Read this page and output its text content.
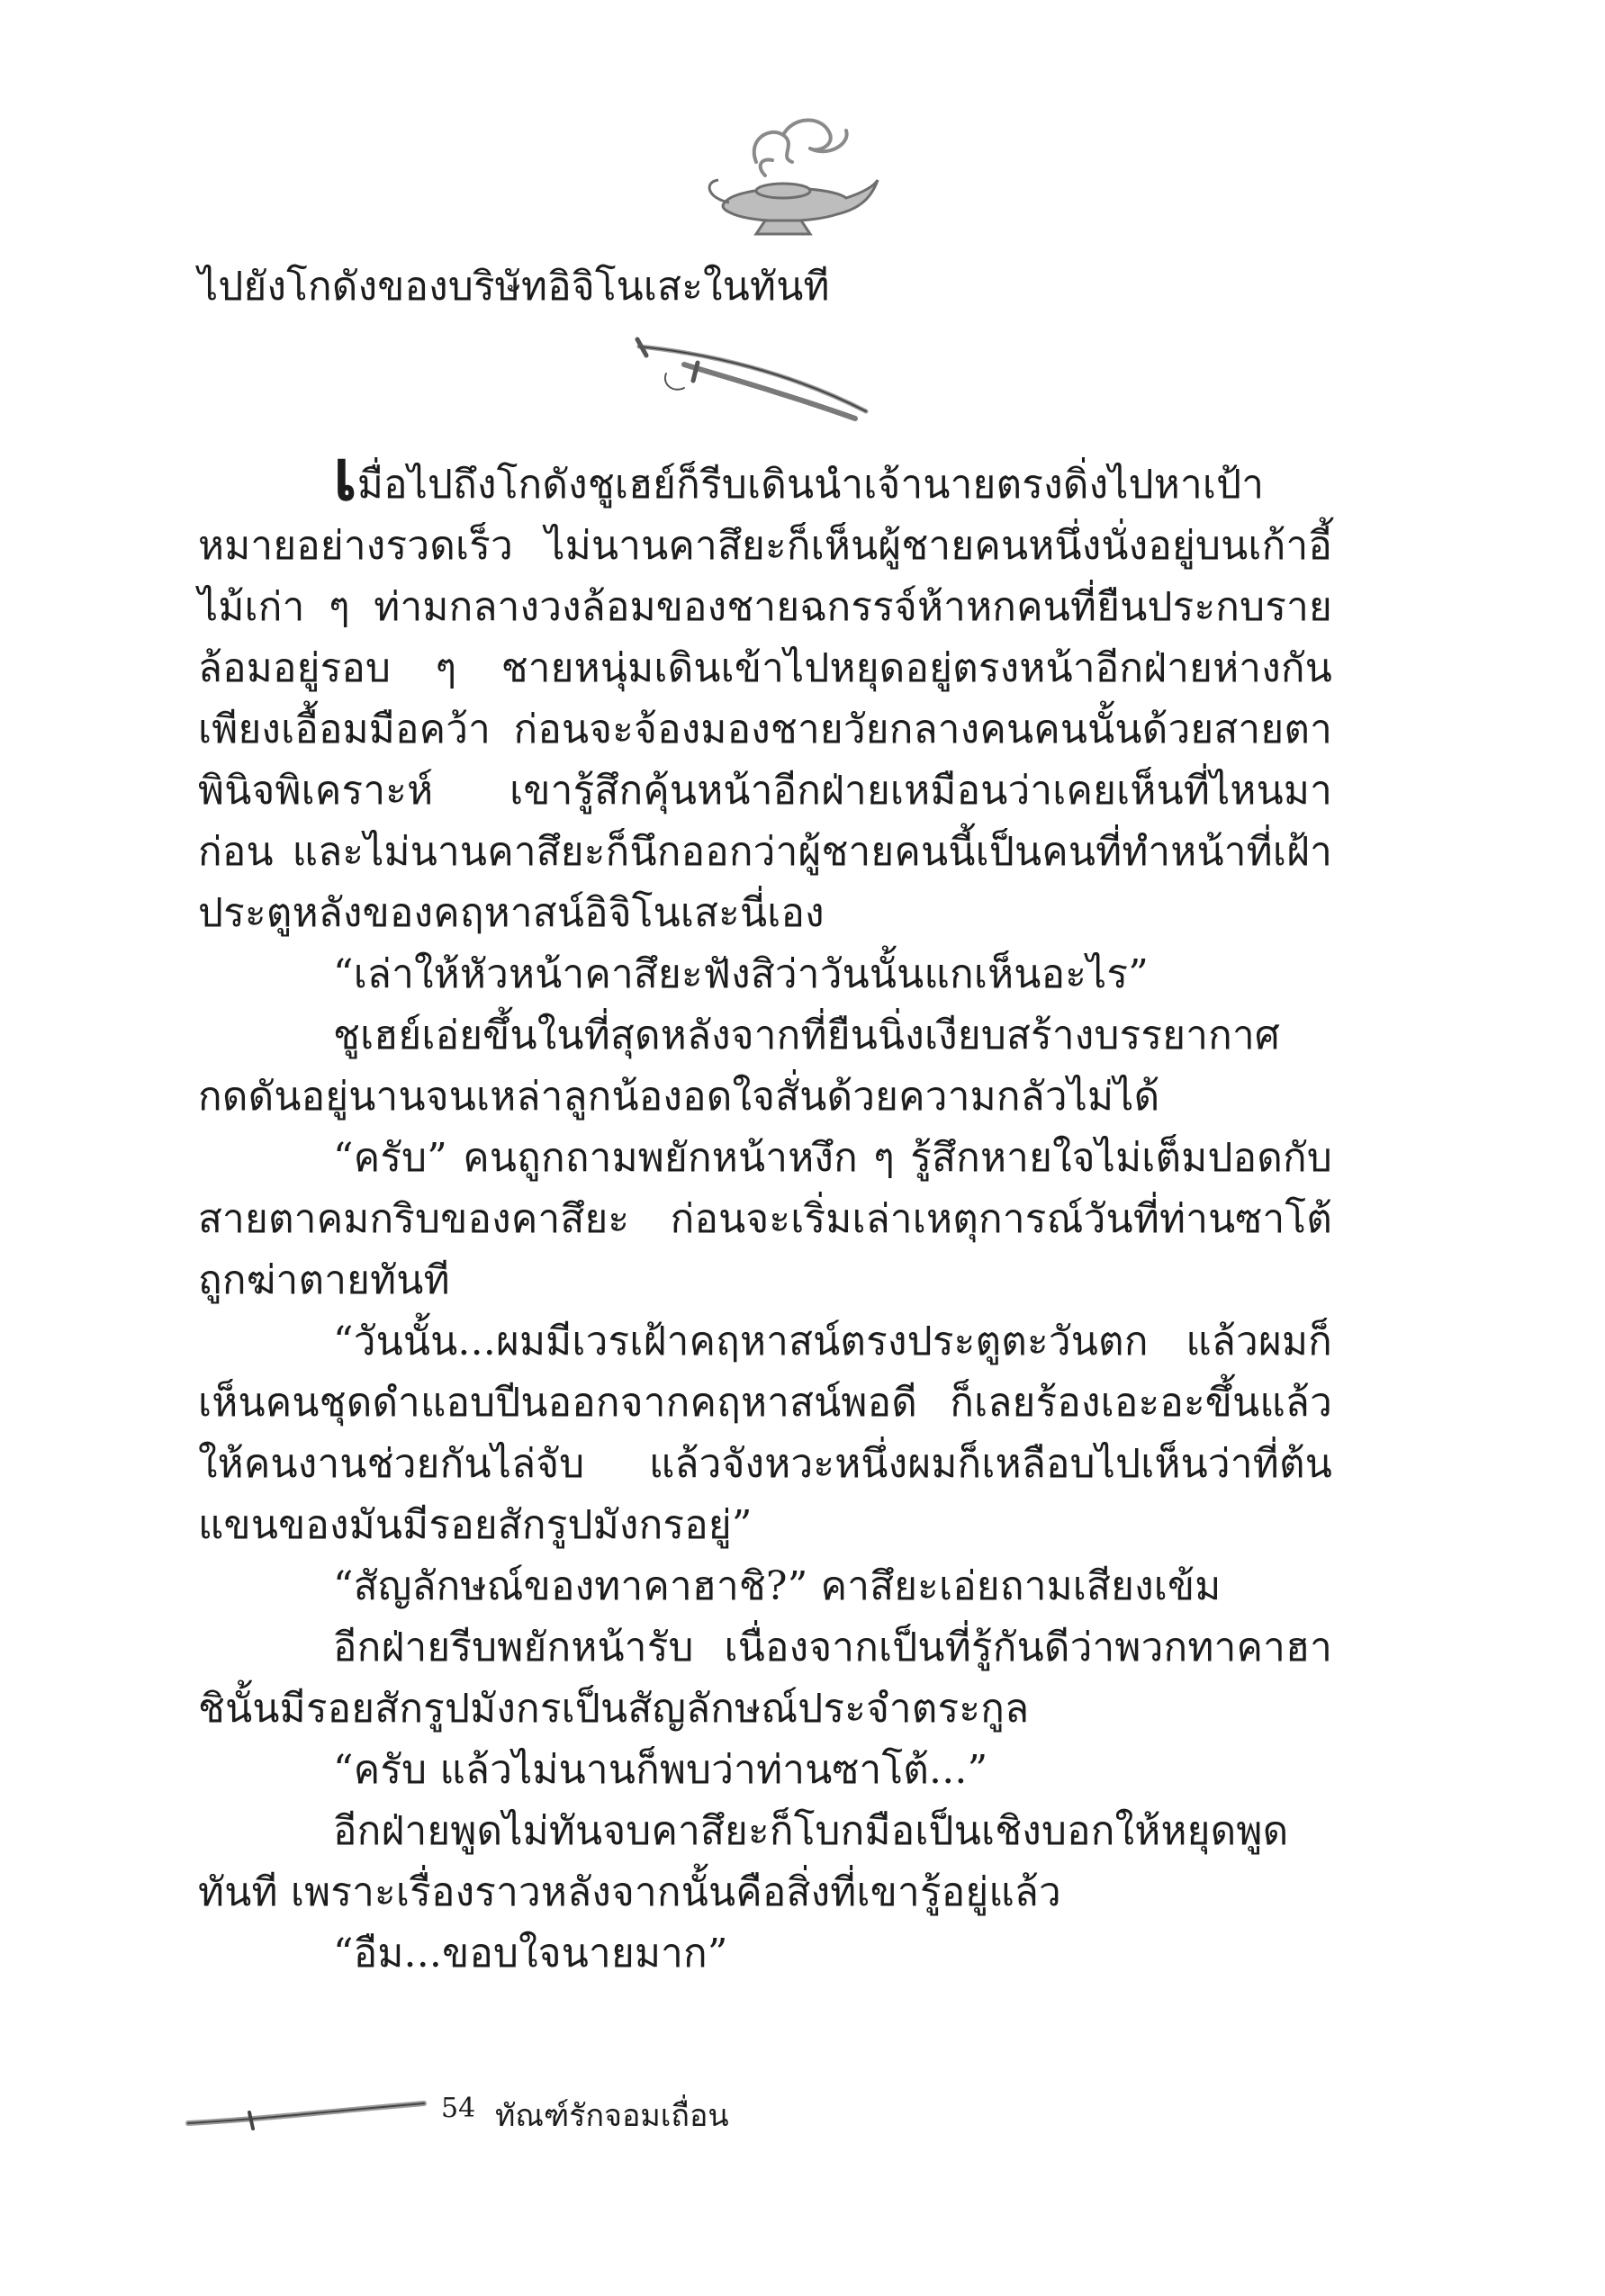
ไปยังโกดังของบริษัทอิจิโนเสะในทันที

เมื่อไปถึงโกดังชูเฮย์ก็รีบเดินนำเจ้านายตรงดิ่งไปหาเป้าหมายอย่างรวดเร็ว ไม่นานคาสึยะก็เห็นผู้ชายคนหนึ่งนั่งอยู่บนเก้าอี้ไม้เก่า ๆ ท่ามกลางวงล้อมของชายฉกรรจ์ห้าหกคนที่ยืนประกบรายล้อมอยู่รอบ ๆ ชายหนุ่มเดินเข้าไปหยุดอยู่ตรงหน้าอีกฝ่ายห่างกันเพียงเอื้อมมือคว้า ก่อนจะจ้องมองชายวัยกลางคนคนนั้นด้วยสายตาพินิจพิเคราะห์ เขารู้สึกคุ้นหน้าอีกฝ่ายเหมือนว่าเคยเห็นที่ไหนมาก่อน และไม่นานคาสึยะก็นึกออกว่าผู้ชายคนนี้เป็นคนที่ทำหน้าที่เฝ้าประตูหลังของคฤหาสน์อิจิโนเสะนี่เอง

“เล่าให้หัวหน้าคาสึยะฟังสิว่าวันนั้นแกเห็นอะไร”

ชูเฮย์เอ่ยขึ้นในที่สุดหลังจากที่ยืนนิ่งเงียบสร้างบรรยากาศกดดันอยู่นานจนเหล่าลูกน้องอดใจสั่นด้วยความกลัวไม่ได้

“ครับ” คนถูกถามพยักหน้าหงึก ๆ รู้สึกหายใจไม่เต็มปอดกับสายตาคมกริบของคาสึยะ ก่อนจะเริ่มเล่าเหตุการณ์วันที่ท่านซาโต้ถูกฆ่าตายทันที

“วันนั้น...ผมมีเวรเฝ้าคฤหาสน์ตรงประตูตะวันตก แล้วผมก็เห็นคนชุดดำแอบปีนออกจากคฤหาสน์พอดี ก็เลยร้องเอะอะขึ้นแล้วให้คนงานช่วยกันไล่จับ แล้วจังหวะหนึ่งผมก็เหลือบไปเห็นว่าที่ต้นแขนของมันมีรอยสักรูปมังกรอยู่”

“สัญลักษณ์ของทาคาฮาชิ?” คาสึยะเอ่ยถามเสียงเข้ม

อีกฝ่ายรีบพยักหน้ารับ เนื่องจากเป็นที่รู้กันดีว่าพวกทาคาฮาชินั้นมีรอยสักรูปมังกรเป็นสัญลักษณ์ประจำตระกูล

“ครับ แล้วไม่นานก็พบว่าท่านซาโต้...”

อีกฝ่ายพูดไม่ทันจบคาสึยะก็โบกมือเป็นเชิงบอกให้หยุดพูดทันที เพราะเรื่องราวหลังจากนั้นคือสิ่งที่เขารู้อยู่แล้ว

“อืม...ขอบใจนายมาก”

54 ทัณฑ์รักจอมเถื่อน
